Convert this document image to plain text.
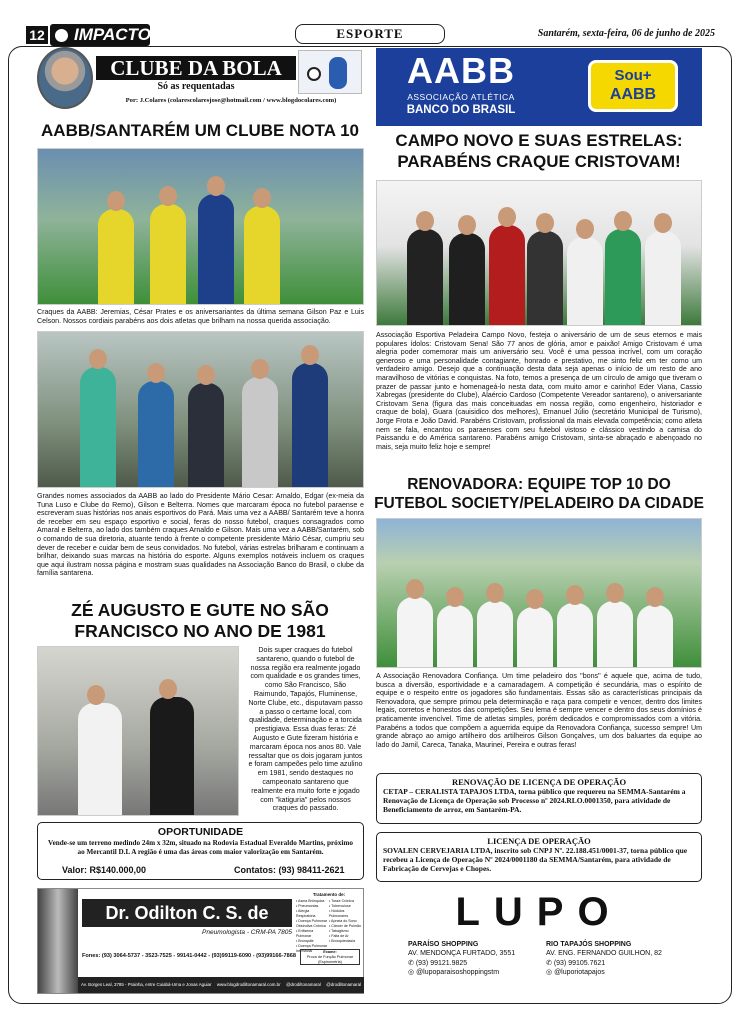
12	IMPACTO	ESPORTE	Santarém, sexta-feira, 06 de junho de 2025
CLUBE DA BOLA
Só as requentadas
Por: J.Colares (colarescolaresjose@hotmail.com / www.blogdocolares.com)
AABB
ASSOCIAÇÃO ATLÉTICA
BANCO DO BRASIL
Sou+
AABB
AABB/SANTARÉM UM CLUBE NOTA 10

Craques da AABB: Jeremias, César Prates e os aniversariantes da última semana Gilson Paz e Luis Celson. Nossos cordiais parabéns aos dois atletas que brilham na nossa querida associação.

Grandes nomes associados da AABB ao lado do Presidente Mário Cesar: Arnaldo, Edgar (ex-meia da Tuna Luso e Clube do Remo), Gilson e Belterra. Nomes que marcaram época no futebol paraense e escreveram suas histórias nos anais esportivos do Pará. Mais uma vez a AABB/ Santarém teve a honra de receber em seu espaço esportivo e social, feras do nosso futebol, craques consagrados como Amaral e Belterra, ao lado dos também craques Arnaldo e Gilson. Mais uma vez a AABB/Santarém, sob o comando de sua diretoria, atuante tendo à frente o competente presidente Mário César, cumpriu seu dever de receber e cuidar bem de seus convidados. No futebol, várias estrelas brilharam e continuam a brilhar, deixando suas marcas na história do esporte. Alguns exemplos notáveis incluem os craques que aqui ilustram nossa página e mostram suas qualidades na Associação Banco do Brasil, o clube da família santarena.

ZÉ AUGUSTO E GUTE NO SÃO
FRANCISCO NO ANO DE 1981

Dois super craques do futebol santareno, quando o futebol de nossa região era realmente jogado com qualidade e os grandes times, como São Francisco, São Raimundo, Tapajós, Fluminense, Norte Clube, etc., disputavam passo a passo o certame local, com qualidade, determinação e a torcida prestigiava. Essa duas feras: Zé Augusto e Gute fizeram história e marcaram época nos anos 80. Vale ressaltar que os dois jogaram juntos e foram campeões pelo time azulino em 1981, sendo destaques no campeonato santareno que realmente era muito forte e jogado com "katiguria" pelos nossos craques do passado.

OPORTUNIDADE
Vende-se um terreno medindo 24m x 32m, situado na Rodovia Estadual Everaldo Martins, próximo ao Mercantil D.L A região é uma das áreas com maior valorização em Santarém.
Valor: R$140.000,00	Contatos: (93) 98411-2621
CAMPO NOVO E SUAS ESTRELAS:
PARABÉNS CRAQUE CRISTOVAM!

Associação Esportiva Peladeira Campo Novo, festeja o aniversário de um de seus eternos e mais populares ídolos: Cristovam Sena! São 77 anos de glória, amor e paixão! Amigo Cristovam é uma alegria poder comemorar mais um aniversário seu. Você é uma pessoa incrível, com um coração generoso e uma personalidade contagiante, honrado e prestativo, me sinto feliz em ter como um verdadeiro amigo. Desejo que a continuação desta data seja apenas o início de um resto de ano maravilhoso de vitórias e conquistas. Na foto, temos a presença de um círculo de amigo que tiveram o prazer de passar junto e homenageá-lo nesta data, com muito amor e carinho! Eder Viana, Cassio Xabregas (presidente do Clube), Alaércio Cardoso (Competente Vereador santareno), o aniversariante Cristovam Sena (figura das mais conceituadas em nossa região, como engenheiro, historiador e craque de bola), Guara (cauisidico dos melhores), Emanuel Júlio (secretário Municipal de Turismo), Jorge Frota e João David. Parabéns Cristovam, profissional da mais elevada competência; como atleta nem se fala, encantou os paraenses com seu futebol vistoso e clássico vestindo a camisa do Paissandu e do América santareno. Parabéns amigo Cristovam, sinta-se abraçado e abençoado no mais, seja muito feliz hoje e sempre!

RENOVADORA: EQUIPE TOP 10 DO
FUTEBOL SOCIETY/PELADEIRO DA CIDADE

A Associação Renovadora Confiança. Um time peladeiro dos "bons" é aquele que, acima de tudo, busca a diversão, esportividade e a camaradagem. A competição é secundária, mas o espírito de equipe e o respeito entre os jogadores são fundamentais. Essas são as características principais da Renovadora, que sempre primou pela determinação e raça para competir e vencer, dentro dos limites legais, corretos e honestos das competições. Seu lema é sempre vencer e dentro dos seus domínios é praticamente invencível. Time de atletas simples, porém dedicados e compromissados com a vitória. Parabéns a todos que compõem a aguerrida equipe da Renovadora Confiança, sucesso sempre! Um grande abraço ao amigo artilheiro dos artilheiros Gilson Gonçalves, um dos baluartes da equipe ao lado do Jamil, Careca, Tanaka, Maurinei, Pereira e outras feras!

RENOVAÇÃO DE LICENÇA DE OPERAÇÃO
CETAP – CERALISTA TAPAJOS LTDA, torna público que requereu na SEMMA-Santarém a Renovação de Licença de Operação sob Processo nº 2024.RLO.0001350, para atividade de Beneficiamento de arroz, em Santarém-PA.
LICENÇA DE OPERAÇÃO
SOVALEN CERVEJARIA LTDA, inscrito sob CNPJ Nº. 22.188.451/0001-37, torna público que recebeu a Licença de Operação Nº 2024/0001180 da SEMMA/Santarém, para atividade de Fabricação de Cervejas e Chopes.
Dr. Odilton C. S. de Amaral
Pneumologista - CRM-PA 7805
Tratamento de:
• Asma Brônquica
• Pneumonias
• Alergia Respiratória
• Doença Pulmonar Obstrutiva Crônica
• Enfisema Pulmonar
• Bronquite
• Doença Pulmonar Intersticial
• Tosse Crônica
• Tuberculose
• Nódulos Pulmonares
• Apneia do Sono
• Câncer de Pulmão
• Tabagismo
• Falta de Ar
• Bronquiectasia
Exame:
Prova de Função Pulmonar (Espirometria)
Fones: (93) 3064-5737 - 3523-7525 - 99141-0442 - (93)99119-6090 - (93)99166-7868
Av. Borges Leal, 3785 - Prainha, entre Cuiabá-Uma e Jonas Aguiar www.blogdrodiltonamaral.com.br @drodiltonamaral @drodiltonamaral
LUPO
PARAÍSO SHOPPING
AV. MENDONÇA FURTADO, 3551
✆ (93) 99121.9825
◎ @lupoparaisoshoppingstm
RIO TAPAJÓS SHOPPING
AV. ENG. FERNANDO GUILHON, 82
✆ (93) 99105.7621
◎ @luporiotapajos
